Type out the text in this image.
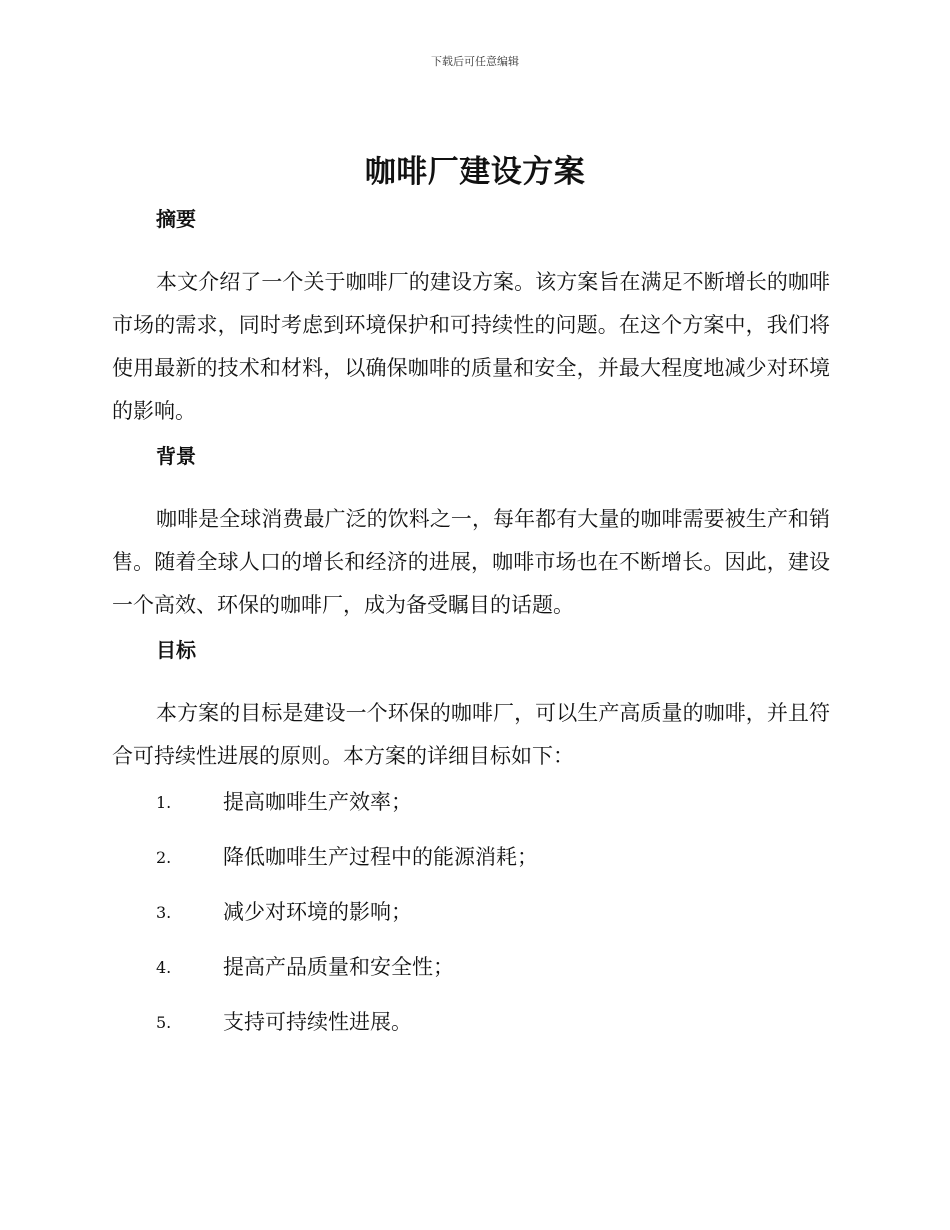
下载后可任意编辑
咖啡厂建设方案
摘要

本文介绍了一个关于咖啡厂的建设方案。该方案旨在满足不断增长的咖啡市场的需求，同时考虑到环境保护和可持续性的问题。在这个方案中，我们将使用最新的技术和材料，以确保咖啡的质量和安全，并最大程度地减少对环境的影响。

背景

咖啡是全球消费最广泛的饮料之一，每年都有大量的咖啡需要被生产和销售。随着全球人口的增长和经济的进展，咖啡市场也在不断增长。因此，建设一个高效、环保的咖啡厂，成为备受瞩目的话题。

目标

本方案的目标是建设一个环保的咖啡厂，可以生产高质量的咖啡，并且符合可持续性进展的原则。本方案的详细目标如下：

1. 提高咖啡生产效率；
2. 降低咖啡生产过程中的能源消耗；
3. 减少对环境的影响；
4. 提高产品质量和安全性；
5. 支持可持续性进展。
